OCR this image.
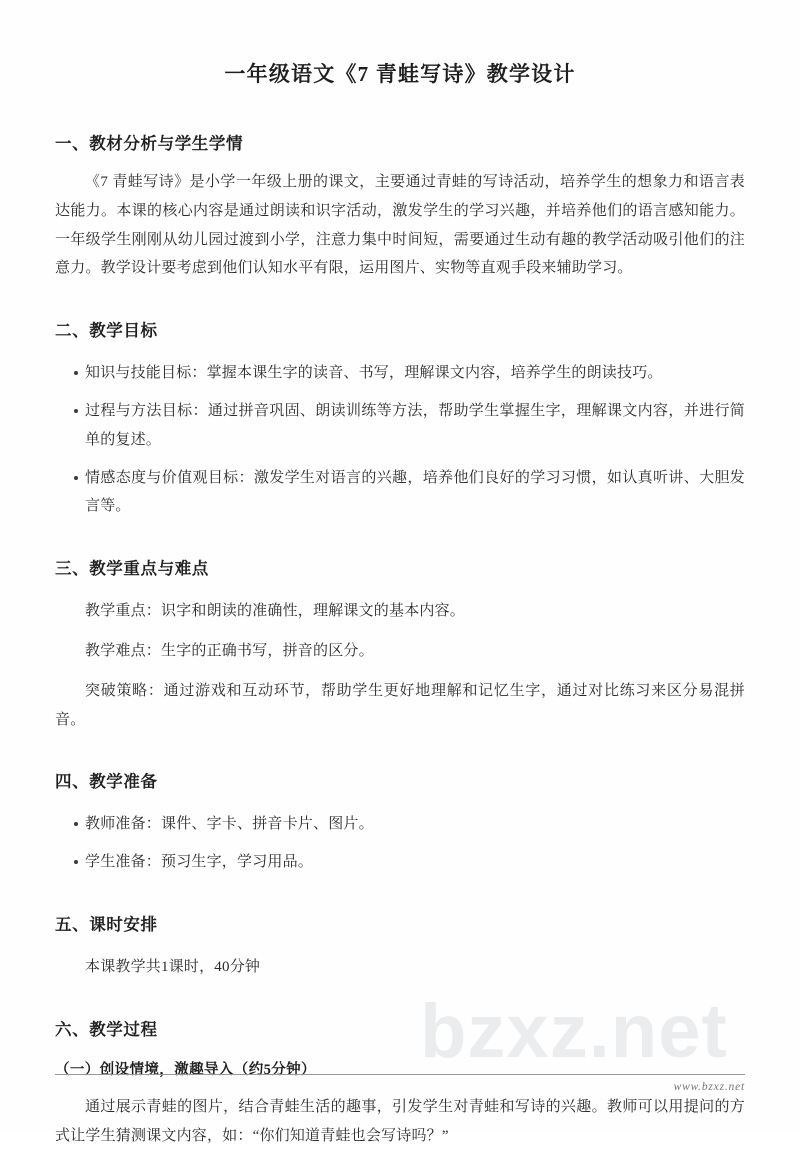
bzxz.net
一年级语文《7 青蛙写诗》教学设计
一、教材分析与学生学情

《7 青蛙写诗》是小学一年级上册的课文，主要通过青蛙的写诗活动，培养学生的想象力和语言表达能力。本课的核心内容是通过朗读和识字活动，激发学生的学习兴趣，并培养他们的语言感知能力。一年级学生刚刚从幼儿园过渡到小学，注意力集中时间短，需要通过生动有趣的教学活动吸引他们的注意力。教学设计要考虑到他们认知水平有限，运用图片、实物等直观手段来辅助学习。

二、教学目标
知识与技能目标：掌握本课生字的读音、书写，理解课文内容，培养学生的朗读技巧。
过程与方法目标：通过拼音巩固、朗读训练等方法，帮助学生掌握生字，理解课文内容，并进行简单的复述。
情感态度与价值观目标：激发学生对语言的兴趣，培养他们良好的学习习惯，如认真听讲、大胆发言等。
三、教学重点与难点

教学重点：识字和朗读的准确性，理解课文的基本内容。

教学难点：生字的正确书写，拼音的区分。

突破策略：通过游戏和互动环节，帮助学生更好地理解和记忆生字，通过对比练习来区分易混拼音。

四、教学准备
教师准备：课件、字卡、拼音卡片、图片。
学生准备：预习生字，学习用品。
五、课时安排

本课教学共1课时，40分钟

六、教学过程
（一）创设情境，激趣导入（约5分钟）

通过展示青蛙的图片，结合青蛙生活的趣事，引发学生对青蛙和写诗的兴趣。教师可以用提问的方式让学生猜测课文内容，如：“你们知道青蛙也会写诗吗？”

www.bzxz.net
